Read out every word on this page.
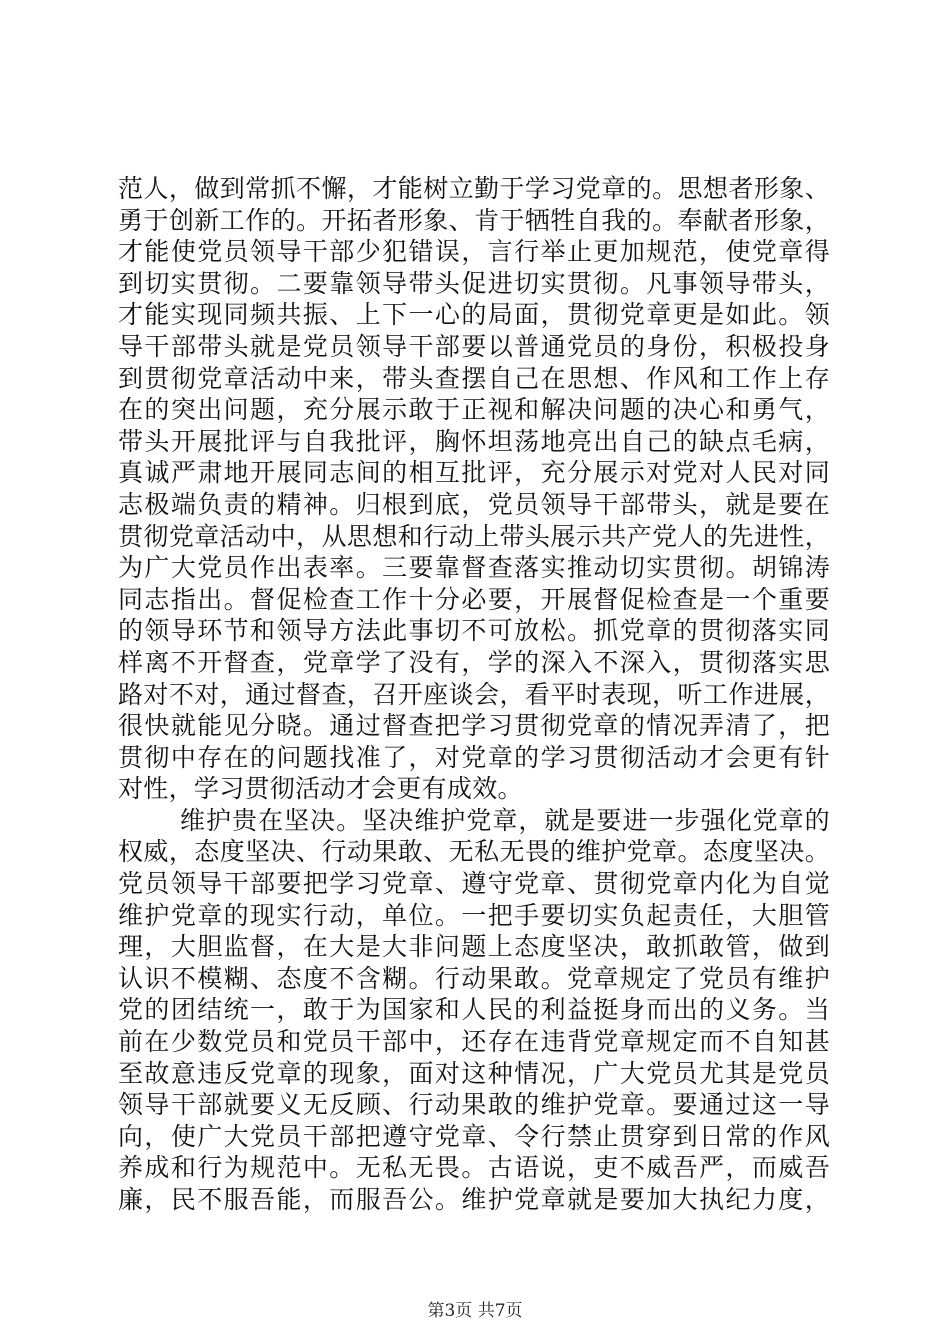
范人，做到常抓不懈，才能树立勤于学习党章的。思想者形象、
勇于创新工作的。开拓者形象、肯于牺牲自我的。奉献者形象，
才能使党员领导干部少犯错误，言行举止更加规范，使党章得
到切实贯彻。二要靠领导带头促进切实贯彻。凡事领导带头，
才能实现同频共振、上下一心的局面，贯彻党章更是如此。领
导干部带头就是党员领导干部要以普通党员的身份，积极投身
到贯彻党章活动中来，带头查摆自己在思想、作风和工作上存
在的突出问题，充分展示敢于正视和解决问题的决心和勇气，
带头开展批评与自我批评，胸怀坦荡地亮出自己的缺点毛病，
真诚严肃地开展同志间的相互批评，充分展示对党对人民对同
志极端负责的精神。归根到底，党员领导干部带头，就是要在
贯彻党章活动中，从思想和行动上带头展示共产党人的先进性，
为广大党员作出表率。三要靠督查落实推动切实贯彻。胡锦涛
同志指出。督促检查工作十分必要，开展督促检查是一个重要
的领导环节和领导方法此事切不可放松。抓党章的贯彻落实同
样离不开督查，党章学了没有，学的深入不深入，贯彻落实思
路对不对，通过督查，召开座谈会，看平时表现，听工作进展，
很快就能见分晓。通过督查把学习贯彻党章的情况弄清了，把
贯彻中存在的问题找准了，对党章的学习贯彻活动才会更有针
对性，学习贯彻活动才会更有成效。
维护贵在坚决。坚决维护党章，就是要进一步强化党章的
权威，态度坚决、行动果敢、无私无畏的维护党章。态度坚决。
党员领导干部要把学习党章、遵守党章、贯彻党章内化为自觉
维护党章的现实行动，单位。一把手要切实负起责任，大胆管
理，大胆监督，在大是大非问题上态度坚决，敢抓敢管，做到
认识不模糊、态度不含糊。行动果敢。党章规定了党员有维护
党的团结统一，敢于为国家和人民的利益挺身而出的义务。当
前在少数党员和党员干部中，还存在违背党章规定而不自知甚
至故意违反党章的现象，面对这种情况，广大党员尤其是党员
领导干部就要义无反顾、行动果敢的维护党章。要通过这一导
向，使广大党员干部把遵守党章、令行禁止贯穿到日常的作风
养成和行为规范中。无私无畏。古语说，吏不威吾严，而威吾
廉，民不服吾能，而服吾公。维护党章就是要加大执纪力度，
第3页 共7页
